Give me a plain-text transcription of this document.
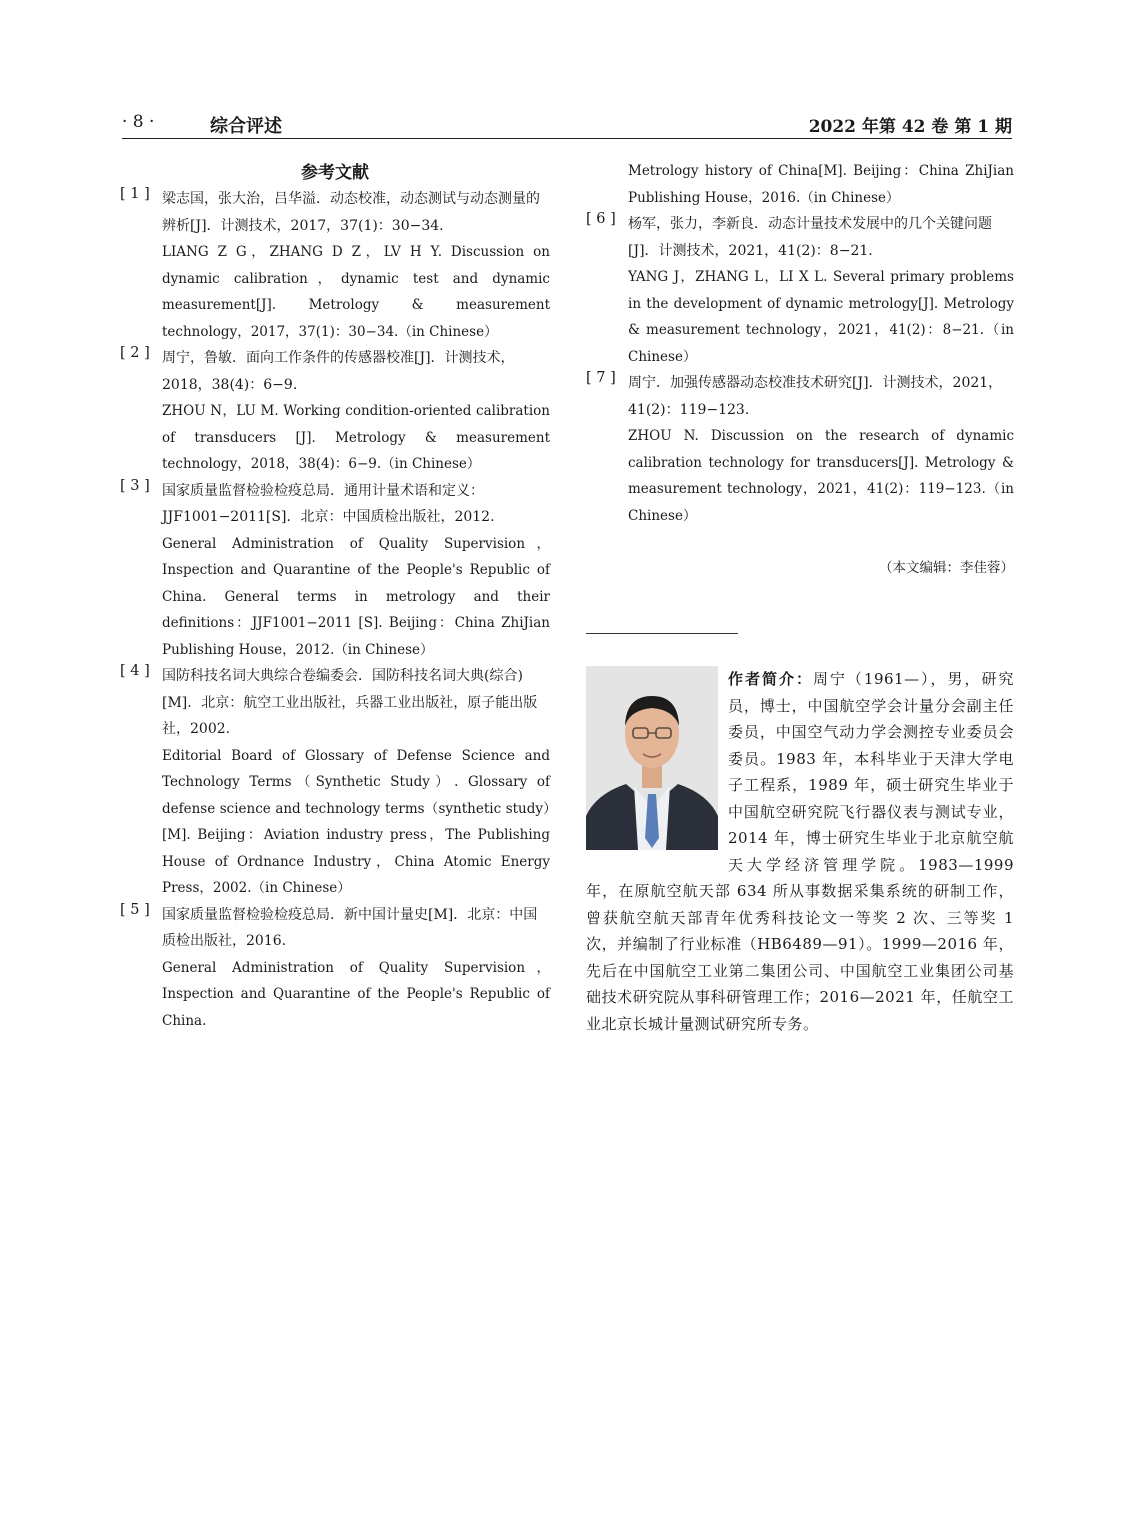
· 8 ·	综合评述	2022 年第 42 卷 第 1 期
参考文献
[ 1 ] 梁志国，张大治，吕华溢．动态校准，动态测试与动态测量的辨析[J]．计测技术，2017，37(1)：30−34.
LIANG Z G，ZHANG D Z，LV H Y. Discussion on dynamic calibration，dynamic test and dynamic measurement[J]. Metrology & measurement technology，2017，37(1)：30−34.（in Chinese）
[ 2 ] 周宁，鲁敏．面向工作条件的传感器校准[J]．计测技术，2018，38(4)：6−9.
ZHOU N，LU M. Working condition-oriented calibration of transducers [J]. Metrology & measurement technology，2018，38(4)：6−9.（in Chinese）
[ 3 ] 国家质量监督检验检疫总局．通用计量术语和定义：JJF1001−2011[S]．北京：中国质检出版社，2012.
General Administration of Quality Supervision，Inspection and Quarantine of the People's Republic of China. General terms in metrology and their definitions：JJF1001−2011 [S]. Beijing：China ZhiJian Publishing House，2012.（in Chinese）
[ 4 ] 国防科技名词大典综合卷编委会．国防科技名词大典(综合)[M]．北京：航空工业出版社，兵器工业出版社，原子能出版社，2002.
Editorial Board of Glossary of Defense Science and Technology Terms（Synthetic Study）. Glossary of defense science and technology terms（synthetic study）[M]. Beijing：Aviation industry press，The Publishing House of Ordnance Industry，China Atomic Energy Press，2002.（in Chinese）
[ 5 ] 国家质量监督检验检疫总局．新中国计量史[M]．北京：中国质检出版社，2016.
General Administration of Quality Supervision，Inspection and Quarantine of the People's Republic of China.
Metrology history of China[M]. Beijing：China ZhiJian Publishing House，2016.（in Chinese）
[ 6 ] 杨军，张力，李新良．动态计量技术发展中的几个关键问题[J]．计测技术，2021，41(2)：8−21.
YANG J，ZHANG L，LI X L. Several primary problems in the development of dynamic metrology[J]. Metrology & measurement technology，2021，41(2)：8−21.（in Chinese）
[ 7 ] 周宁．加强传感器动态校准技术研究[J]．计测技术，2021，41(2)：119−123.
ZHOU N. Discussion on the research of dynamic calibration technology for transducers[J]. Metrology & measurement technology，2021，41(2)：119−123.（in Chinese）
（本文编辑：李佳蓉）
作者简介：周宁（1961—），男，研究员，博士，中国航空学会计量分会副主任委员，中国空气动力学会测控专业委员会委员。1983 年，本科毕业于天津大学电子工程系，1989 年，硕士研究生毕业于中国航空研究院飞行器仪表与测试专业，2014 年，博士研究生毕业于北京航空航天大学经济管理学院。1983—1999 年，在原航空航天部 634 所从事数据采集系统的研制工作，曾获航空航天部青年优秀科技论文一等奖 2 次、三等奖 1 次，并编制了行业标准（HB6489—91）。1999—2016 年，先后在中国航空工业第二集团公司、中国航空工业集团公司基础技术研究院从事科研管理工作；2016—2021 年，任航空工业北京长城计量测试研究所专务。
